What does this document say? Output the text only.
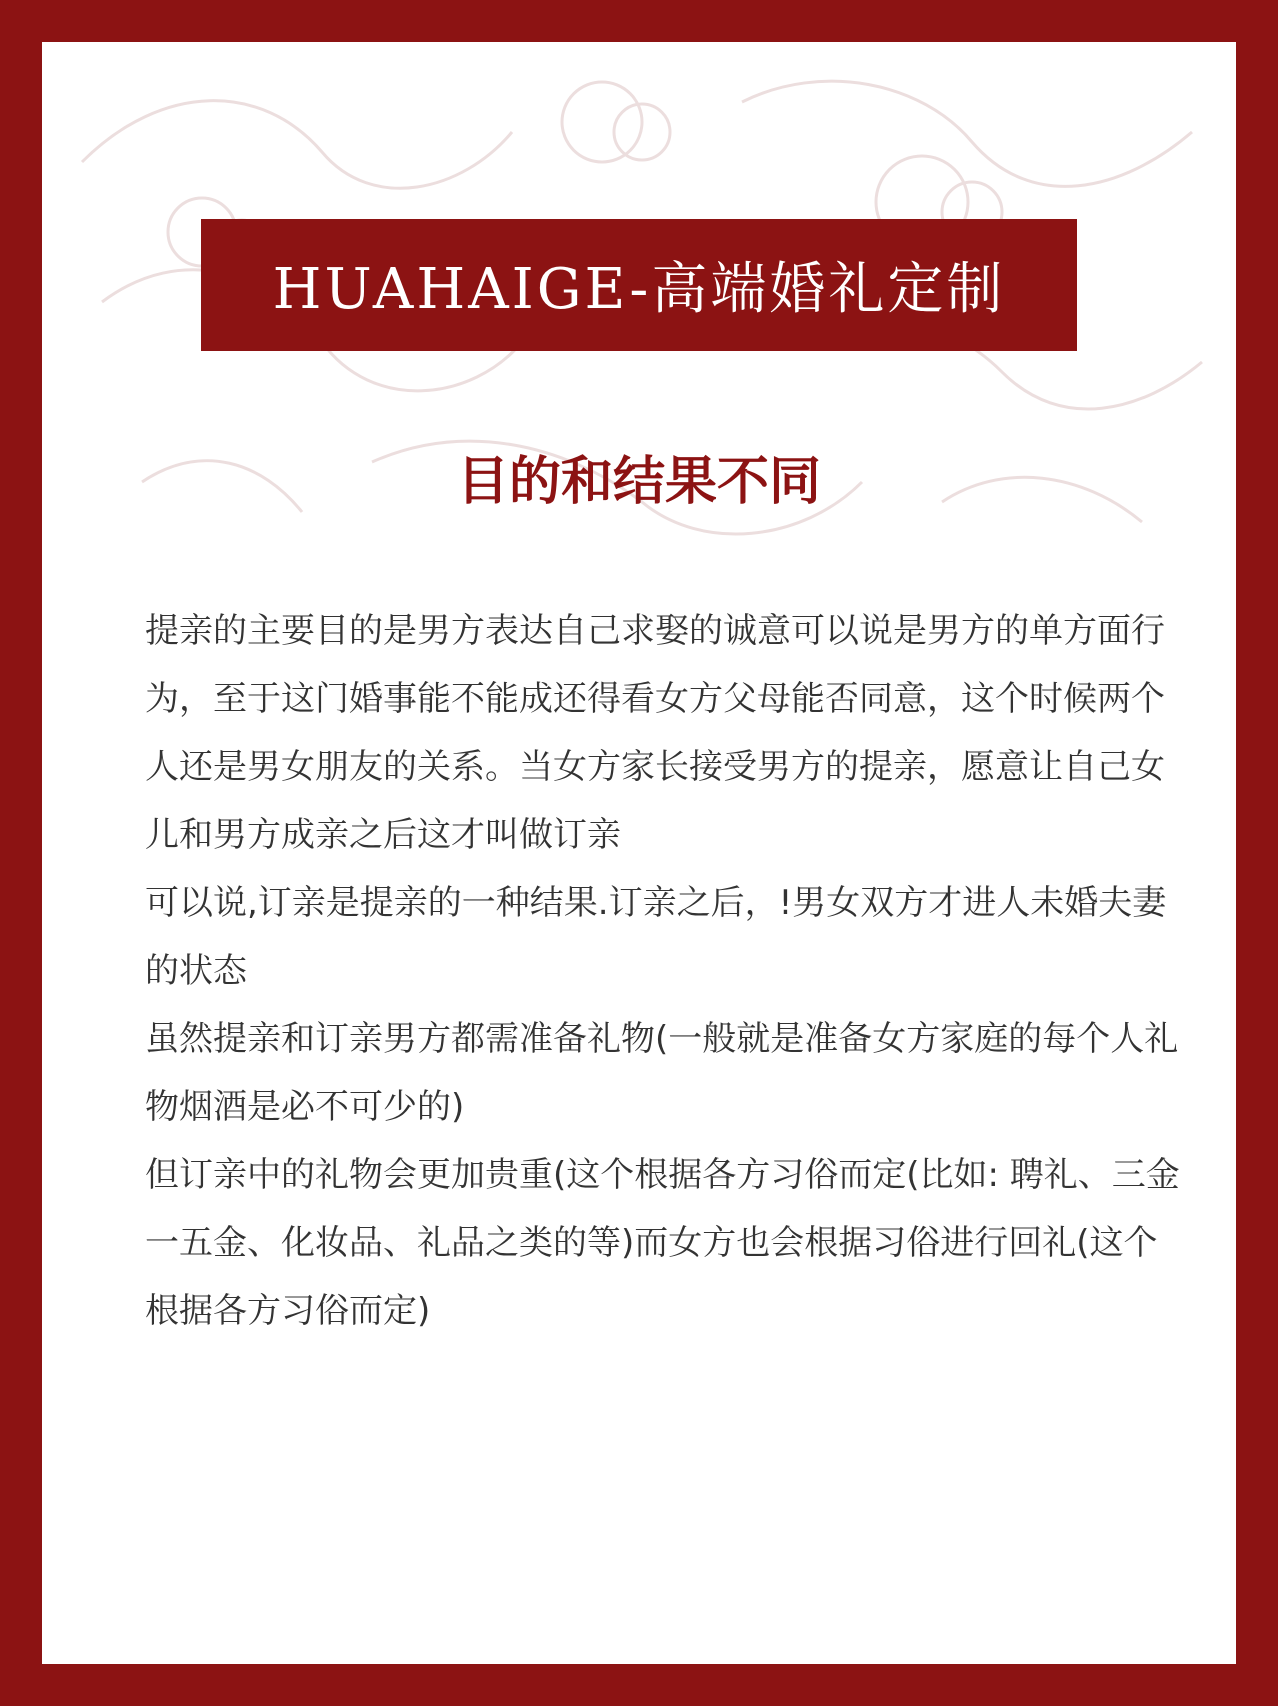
HUAHAIGE-高端婚礼定制
目的和结果不同

提亲的主要目的是男方表达自己求娶的诚意可以说是男方的单方面行为，至于这门婚事能不能成还得看女方父母能否同意，这个时候两个人还是男女朋友的关系。当女方家长接受男方的提亲，愿意让自己女儿和男方成亲之后这才叫做订亲

可以说,订亲是提亲的一种结果.订亲之后，!男女双方才进人未婚夫妻的状态

虽然提亲和订亲男方都需准备礼物(一般就是准备女方家庭的每个人礼物烟酒是必不可少的)

但订亲中的礼物会更加贵重(这个根据各方习俗而定(比如: 聘礼、三金一五金、化妆品、礼品之类的等)而女方也会根据习俗进行回礼(这个根据各方习俗而定)
